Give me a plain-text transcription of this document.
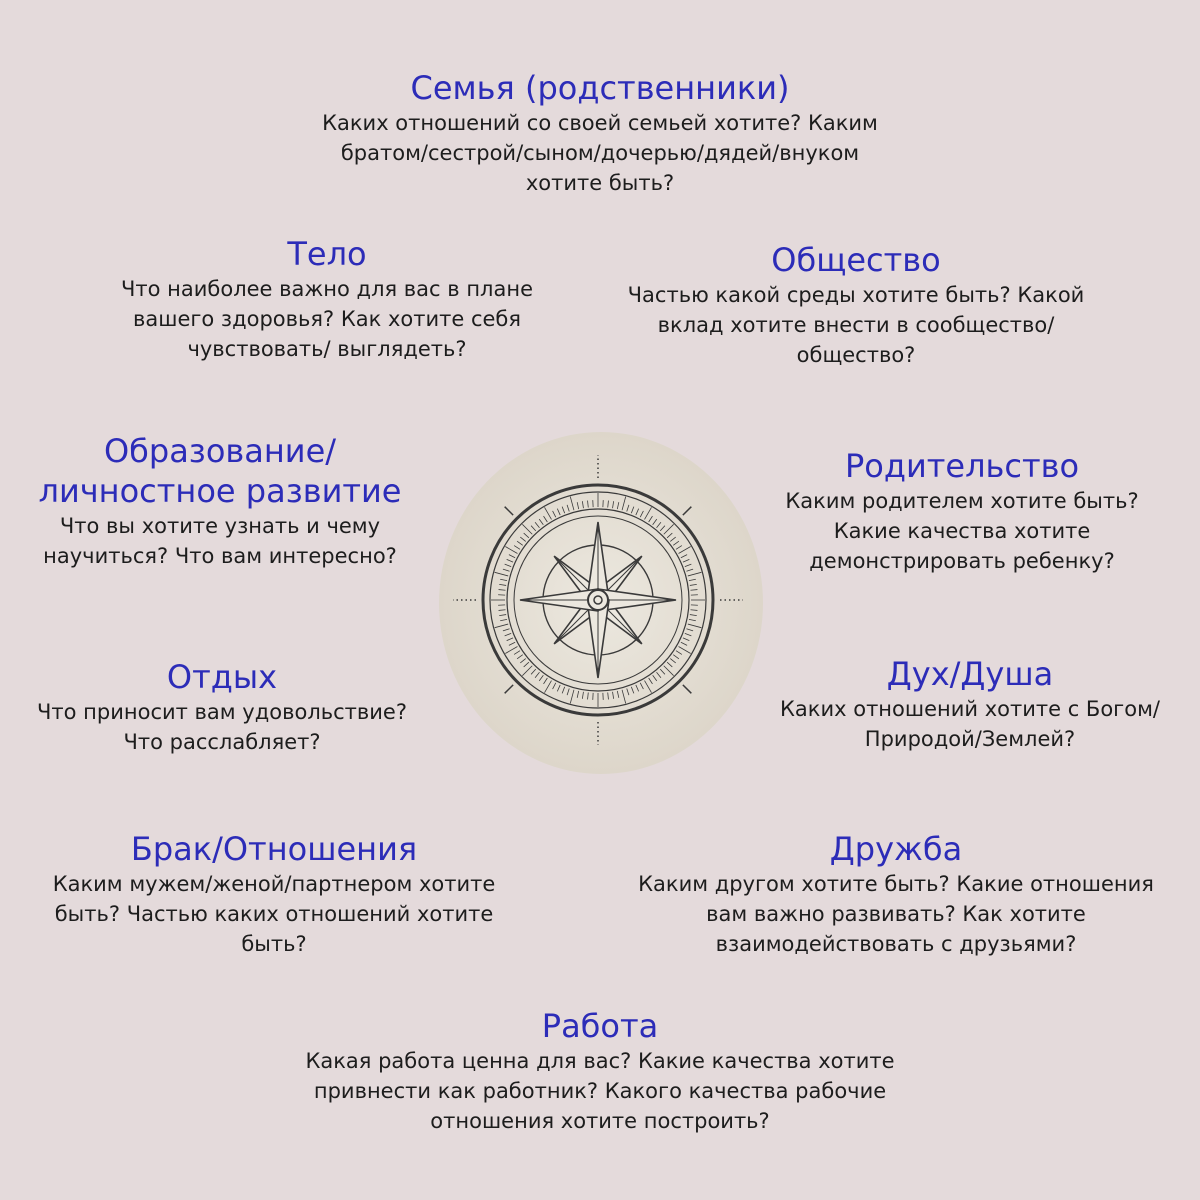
Семья (родственники)
Каких отношений со своей семьей хотите? Каким
братом/сестрой/сыном/дочерью/дядей/внуком
хотите быть?
Тело
Что наиболее важно для вас в плане
вашего здоровья? Как хотите себя
чувствовать/ выглядеть?
Общество
Частью какой среды хотите быть? Какой
вклад хотите внести в сообщество/
общество?
Образование/
личностное развитие
Что вы хотите узнать и чему
научиться? Что вам интересно?
Родительство
Каким родителем хотите быть?
Какие качества хотите
демонстрировать ребенку?
Отдых
Что приносит вам удовольствие?
Что расслабляет?
Дух/Душа
Каких отношений хотите с Богом/
Природой/Землей?
Брак/Отношения
Каким мужем/женой/партнером хотите
быть? Частью каких отношений хотите
быть?
Дружба
Каким другом хотите быть? Какие отношения
вам важно развивать? Как хотите
взаимодействовать с друзьями?
Работа
Какая работа ценна для вас? Какие качества хотите
привнести как работник? Какого качества рабочие
отношения хотите построить?
